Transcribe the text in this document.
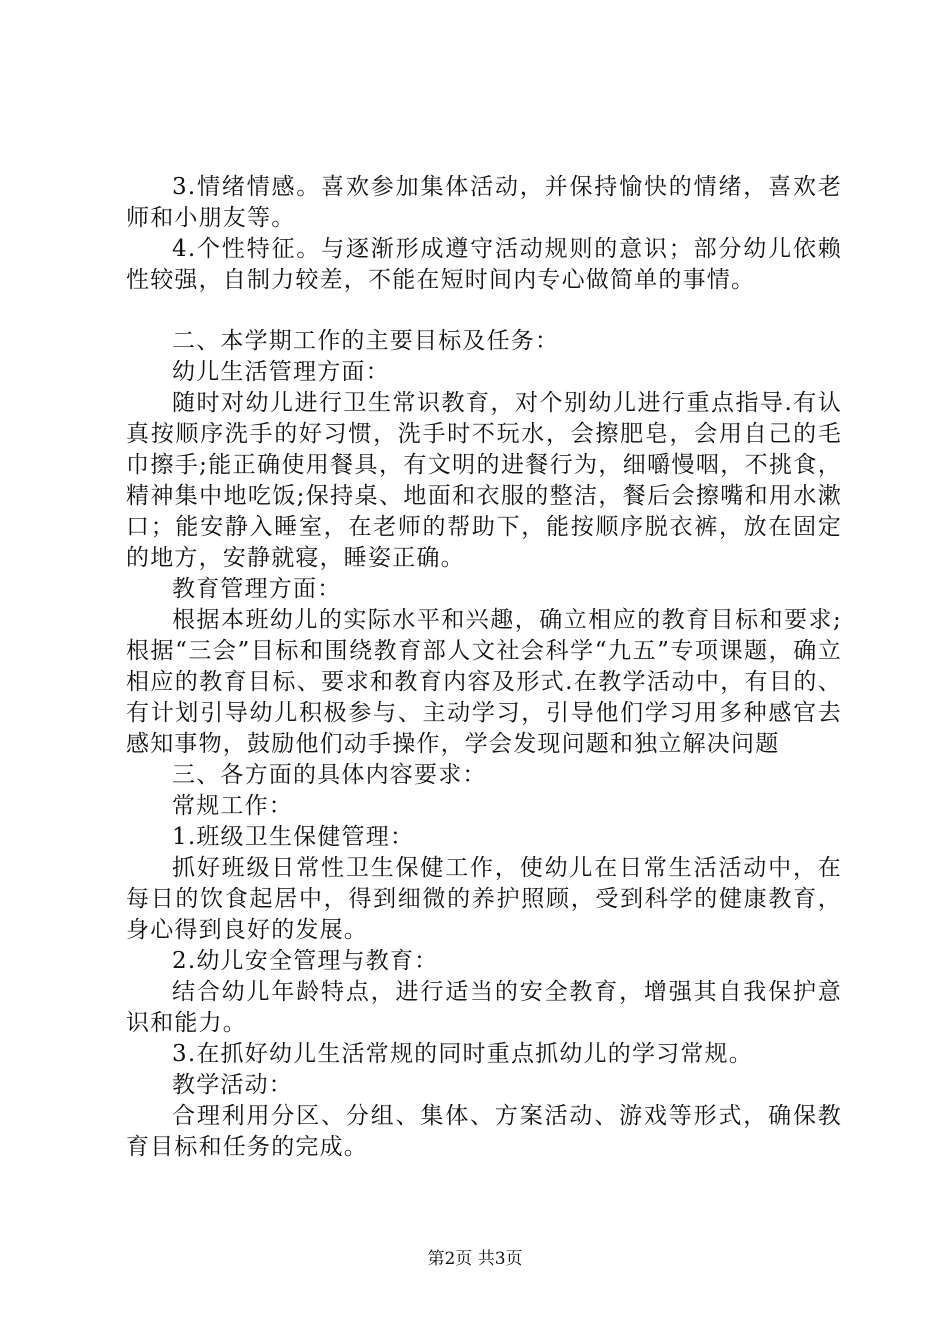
3.情绪情感。喜欢参加集体活动，并保持愉快的情绪，喜欢老师和小朋友等。

4.个性特征。与逐渐形成遵守活动规则的意识；部分幼儿依赖性较强，自制力较差，不能在短时间内专心做简单的事情。

二、本学期工作的主要目标及任务：

幼儿生活管理方面：

随时对幼儿进行卫生常识教育，对个别幼儿进行重点指导.有认真按顺序洗手的好习惯，洗手时不玩水，会擦肥皂，会用自己的毛巾擦手;能正确使用餐具，有文明的进餐行为，细嚼慢咽，不挑食，精神集中地吃饭;保持桌、地面和衣服的整洁，餐后会擦嘴和用水漱口；能安静入睡室，在老师的帮助下，能按顺序脱衣裤，放在固定的地方，安静就寝，睡姿正确。

教育管理方面：

根据本班幼儿的实际水平和兴趣，确立相应的教育目标和要求;根据“三会”目标和围绕教育部人文社会科学“九五”专项课题，确立相应的教育目标、要求和教育内容及形式.在教学活动中，有目的、有计划引导幼儿积极参与、主动学习，引导他们学习用多种感官去感知事物，鼓励他们动手操作，学会发现问题和独立解决问题

三、各方面的具体内容要求：

常规工作：

1.班级卫生保健管理：

抓好班级日常性卫生保健工作，使幼儿在日常生活活动中，在每日的饮食起居中，得到细微的养护照顾，受到科学的健康教育，身心得到良好的发展。

2.幼儿安全管理与教育：

结合幼儿年龄特点，进行适当的安全教育，增强其自我保护意识和能力。

3.在抓好幼儿生活常规的同时重点抓幼儿的学习常规。

教学活动：

合理利用分区、分组、集体、方案活动、游戏等形式，确保教育目标和任务的完成。

第2页 共3页
